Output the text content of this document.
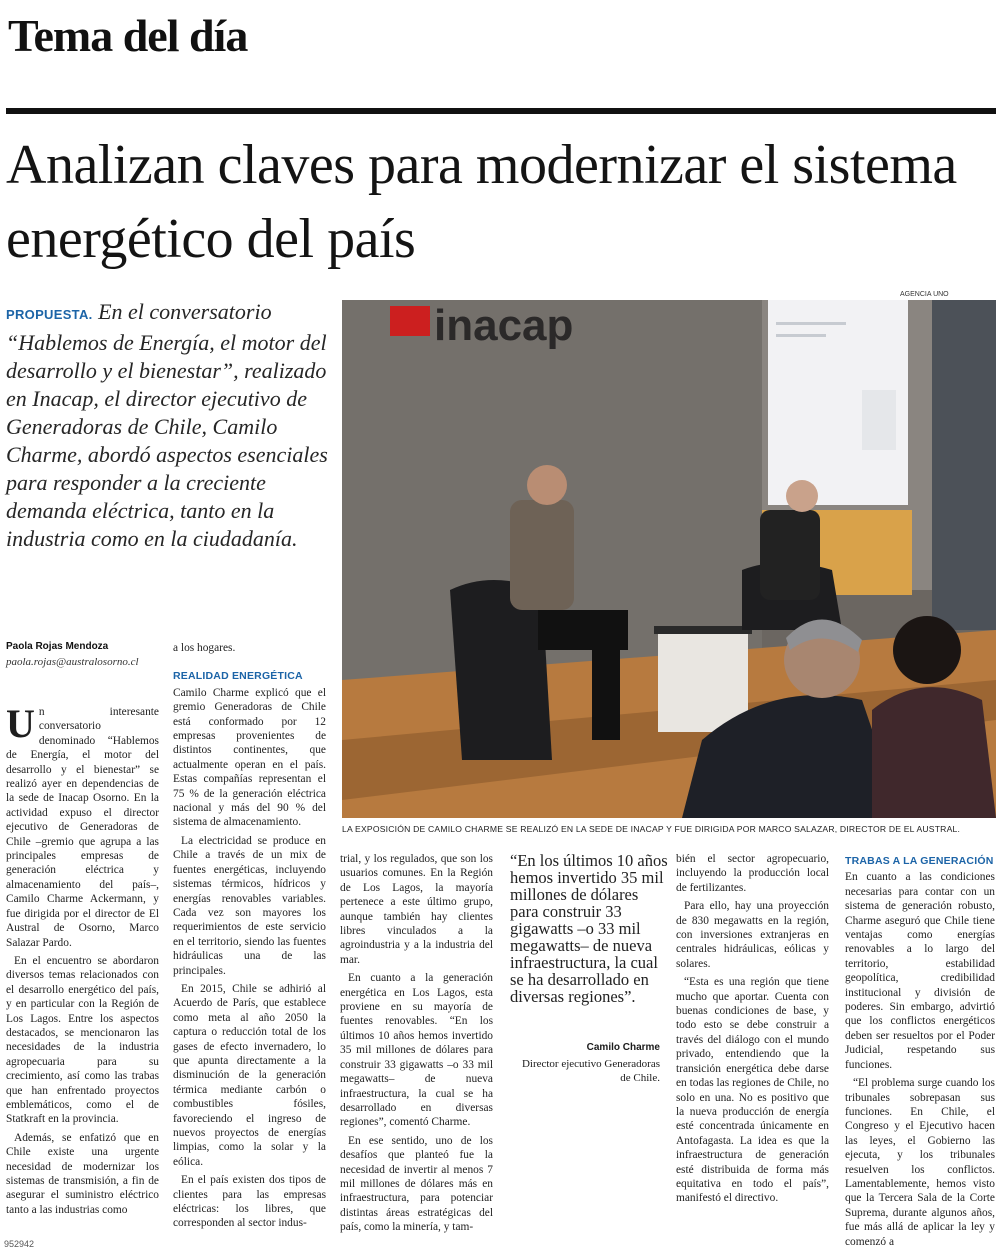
Tema del día
Analizan claves para modernizar el sistema energético del país
PROPUESTA. En el conversatorio “Hablemos de Energía, el motor del desarrollo y el bienestar”, realizado en Inacap, el director ejecutivo de Generadoras de Chile, Camilo Charme, abordó aspectos esenciales para responder a la creciente demanda eléctrica, tanto en la industria como en la ciudadanía.
AGENCIA UNO
inacap
LA EXPOSICIÓN DE CAMILO CHARME SE REALIZÓ EN LA SEDE DE INACAP Y FUE DIRIGIDA POR MARCO SALAZAR, DIRECTOR DE EL AUSTRAL.
Paola Rojas Mendoza
paola.rojas@australosorno.cl

Un interesante conversatorio denominado “Hablemos de Energía, el motor del desarrollo y el bienestar” se realizó ayer en dependencias de la sede de Inacap Osorno. En la actividad expuso el director ejecutivo de Generadoras de Chile –gremio que agrupa a las principales empresas de generación eléctrica y almacenamiento del país–, Camilo Charme Ackermann, y fue dirigida por el director de El Austral de Osorno, Marco Salazar Pardo.

En el encuentro se abordaron diversos temas relacionados con el desarrollo energético del país, y en particular con la Región de Los Lagos. Entre los aspectos destacados, se mencionaron las necesidades de la industria agropecuaria para su crecimiento, así como las trabas que han enfrentado proyectos emblemáticos, como el de Statkraft en la provincia.

Además, se enfatizó que en Chile existe una urgente necesidad de modernizar los sistemas de transmisión, a fin de asegurar el suministro eléctrico tanto a las industrias como

a los hogares.

REALIDAD ENERGÉTICA

Camilo Charme explicó que el gremio Generadoras de Chile está conformado por 12 empresas provenientes de distintos continentes, que actualmente operan en el país. Estas compañías representan el 75 % de la generación eléctrica nacional y más del 90 % del sistema de almacenamiento.

La electricidad se produce en Chile a través de un mix de fuentes energéticas, incluyendo sistemas térmicos, hídricos y energías renovables variables. Cada vez son mayores los requerimientos de este servicio en el territorio, siendo las fuentes hidráulicas una de las principales.

En 2015, Chile se adhirió al Acuerdo de París, que establece como meta al año 2050 la captura o reducción total de los gases de efecto invernadero, lo que apunta directamente a la disminución de la generación térmica mediante carbón o combustibles fósiles, favoreciendo el ingreso de nuevos proyectos de energías limpias, como la solar y la eólica.

En el país existen dos tipos de clientes para las empresas eléctricas: los libres, que corresponden al sector indus-

trial, y los regulados, que son los usuarios comunes. En la Región de Los Lagos, la mayoría pertenece a este último grupo, aunque también hay clientes libres vinculados a la agroindustria y a la industria del mar.

En cuanto a la generación energética en Los Lagos, esta proviene en su mayoría de fuentes renovables. “En los últimos 10 años hemos invertido 35 mil millones de dólares para construir 33 gigawatts –o 33 mil megawatts– de nueva infraestructura, la cual se ha desarrollado en diversas regiones”, comentó Charme.

En ese sentido, uno de los desafíos que planteó fue la necesidad de invertir al menos 7 mil millones de dólares más en infraestructura, para potenciar distintas áreas estratégicas del país, como la minería, y tam-

“En los últimos 10 años hemos invertido 35 mil millones de dólares para construir 33 gigawatts –o 33 mil megawatts– de nueva infraestructura, la cual se ha desarrollado en diversas regiones”.
Camilo Charme
Director ejecutivo Generadoras de Chile.

bién el sector agropecuario, incluyendo la producción local de fertilizantes.

Para ello, hay una proyección de 830 megawatts en la región, con inversiones extranjeras en centrales hidráulicas, eólicas y solares.

“Esta es una región que tiene mucho que aportar. Cuenta con buenas condiciones de base, y todo esto se debe construir a través del diálogo con el mundo privado, entendiendo que la transición energética debe darse en todas las regiones de Chile, no solo en una. No es positivo que la nueva producción de energía esté concentrada únicamente en Antofagasta. La idea es que la infraestructura de generación esté distribuida de forma más equitativa en todo el país”, manifestó el directivo.

TRABAS A LA GENERACIÓN

En cuanto a las condiciones necesarias para contar con un sistema de generación robusto, Charme aseguró que Chile tiene ventajas como energías renovables a lo largo del territorio, estabilidad geopolítica, credibilidad institucional y división de poderes. Sin embargo, advirtió que los conflictos energéticos deben ser resueltos por el Poder Judicial, respetando sus funciones.

“El problema surge cuando los tribunales sobrepasan sus funciones. En Chile, el Congreso y el Ejecutivo hacen las leyes, el Gobierno las ejecuta, y los tribunales resuelven los conflictos. Lamentablemente, hemos visto que la Tercera Sala de la Corte Suprema, durante algunos años, fue más allá de aplicar la ley y comenzó a

952942
